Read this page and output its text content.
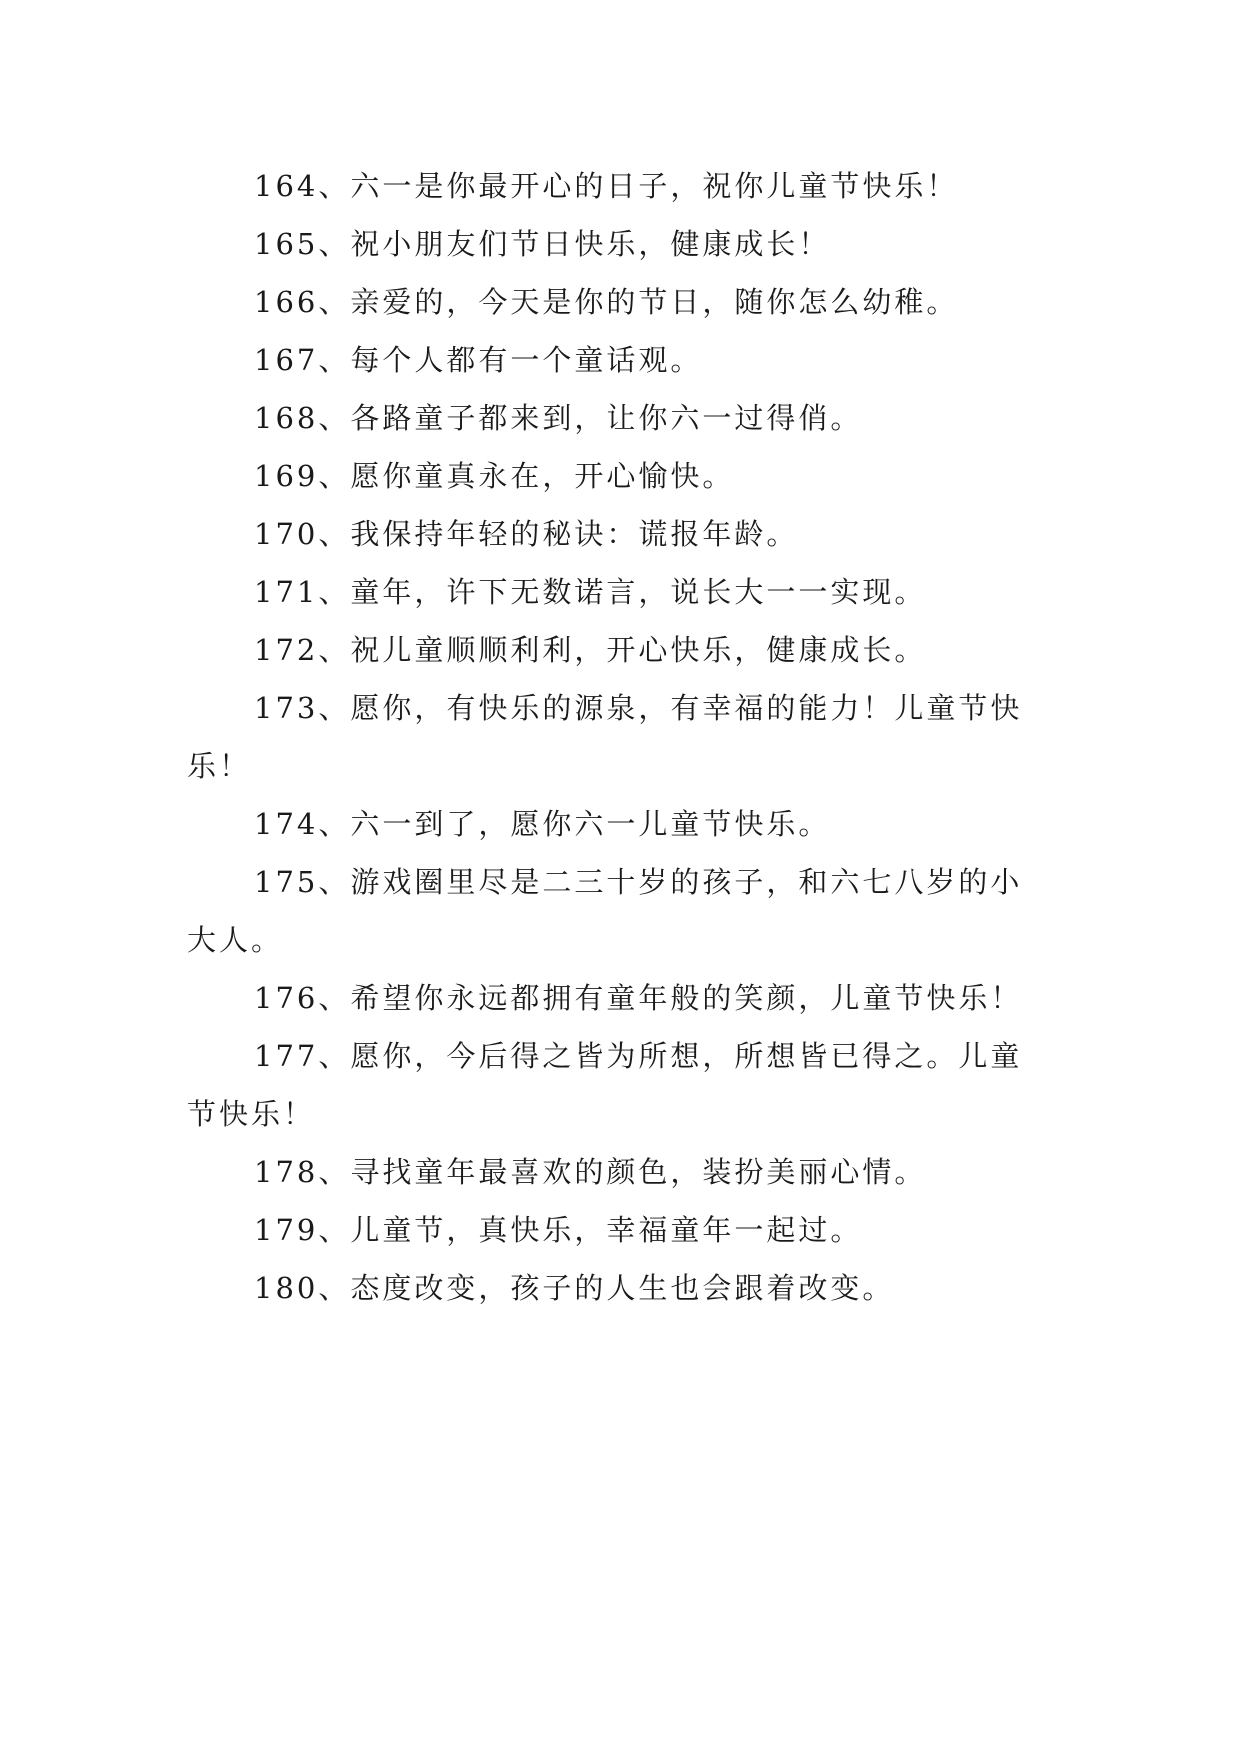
164、六一是你最开心的日子，祝你儿童节快乐！

165、祝小朋友们节日快乐，健康成长！

166、亲爱的，今天是你的节日，随你怎么幼稚。

167、每个人都有一个童话观。

168、各路童子都来到，让你六一过得俏。

169、愿你童真永在，开心愉快。

170、我保持年轻的秘诀：谎报年龄。

171、童年，许下无数诺言，说长大一一实现。

172、祝儿童顺顺利利，开心快乐，健康成长。

173、愿你，有快乐的源泉，有幸福的能力！儿童节快乐！

174、六一到了，愿你六一儿童节快乐。

175、游戏圈里尽是二三十岁的孩子，和六七八岁的小大人。

176、希望你永远都拥有童年般的笑颜，儿童节快乐！

177、愿你，今后得之皆为所想，所想皆已得之。儿童节快乐！

178、寻找童年最喜欢的颜色，装扮美丽心情。

179、儿童节，真快乐，幸福童年一起过。

180、态度改变，孩子的人生也会跟着改变。
